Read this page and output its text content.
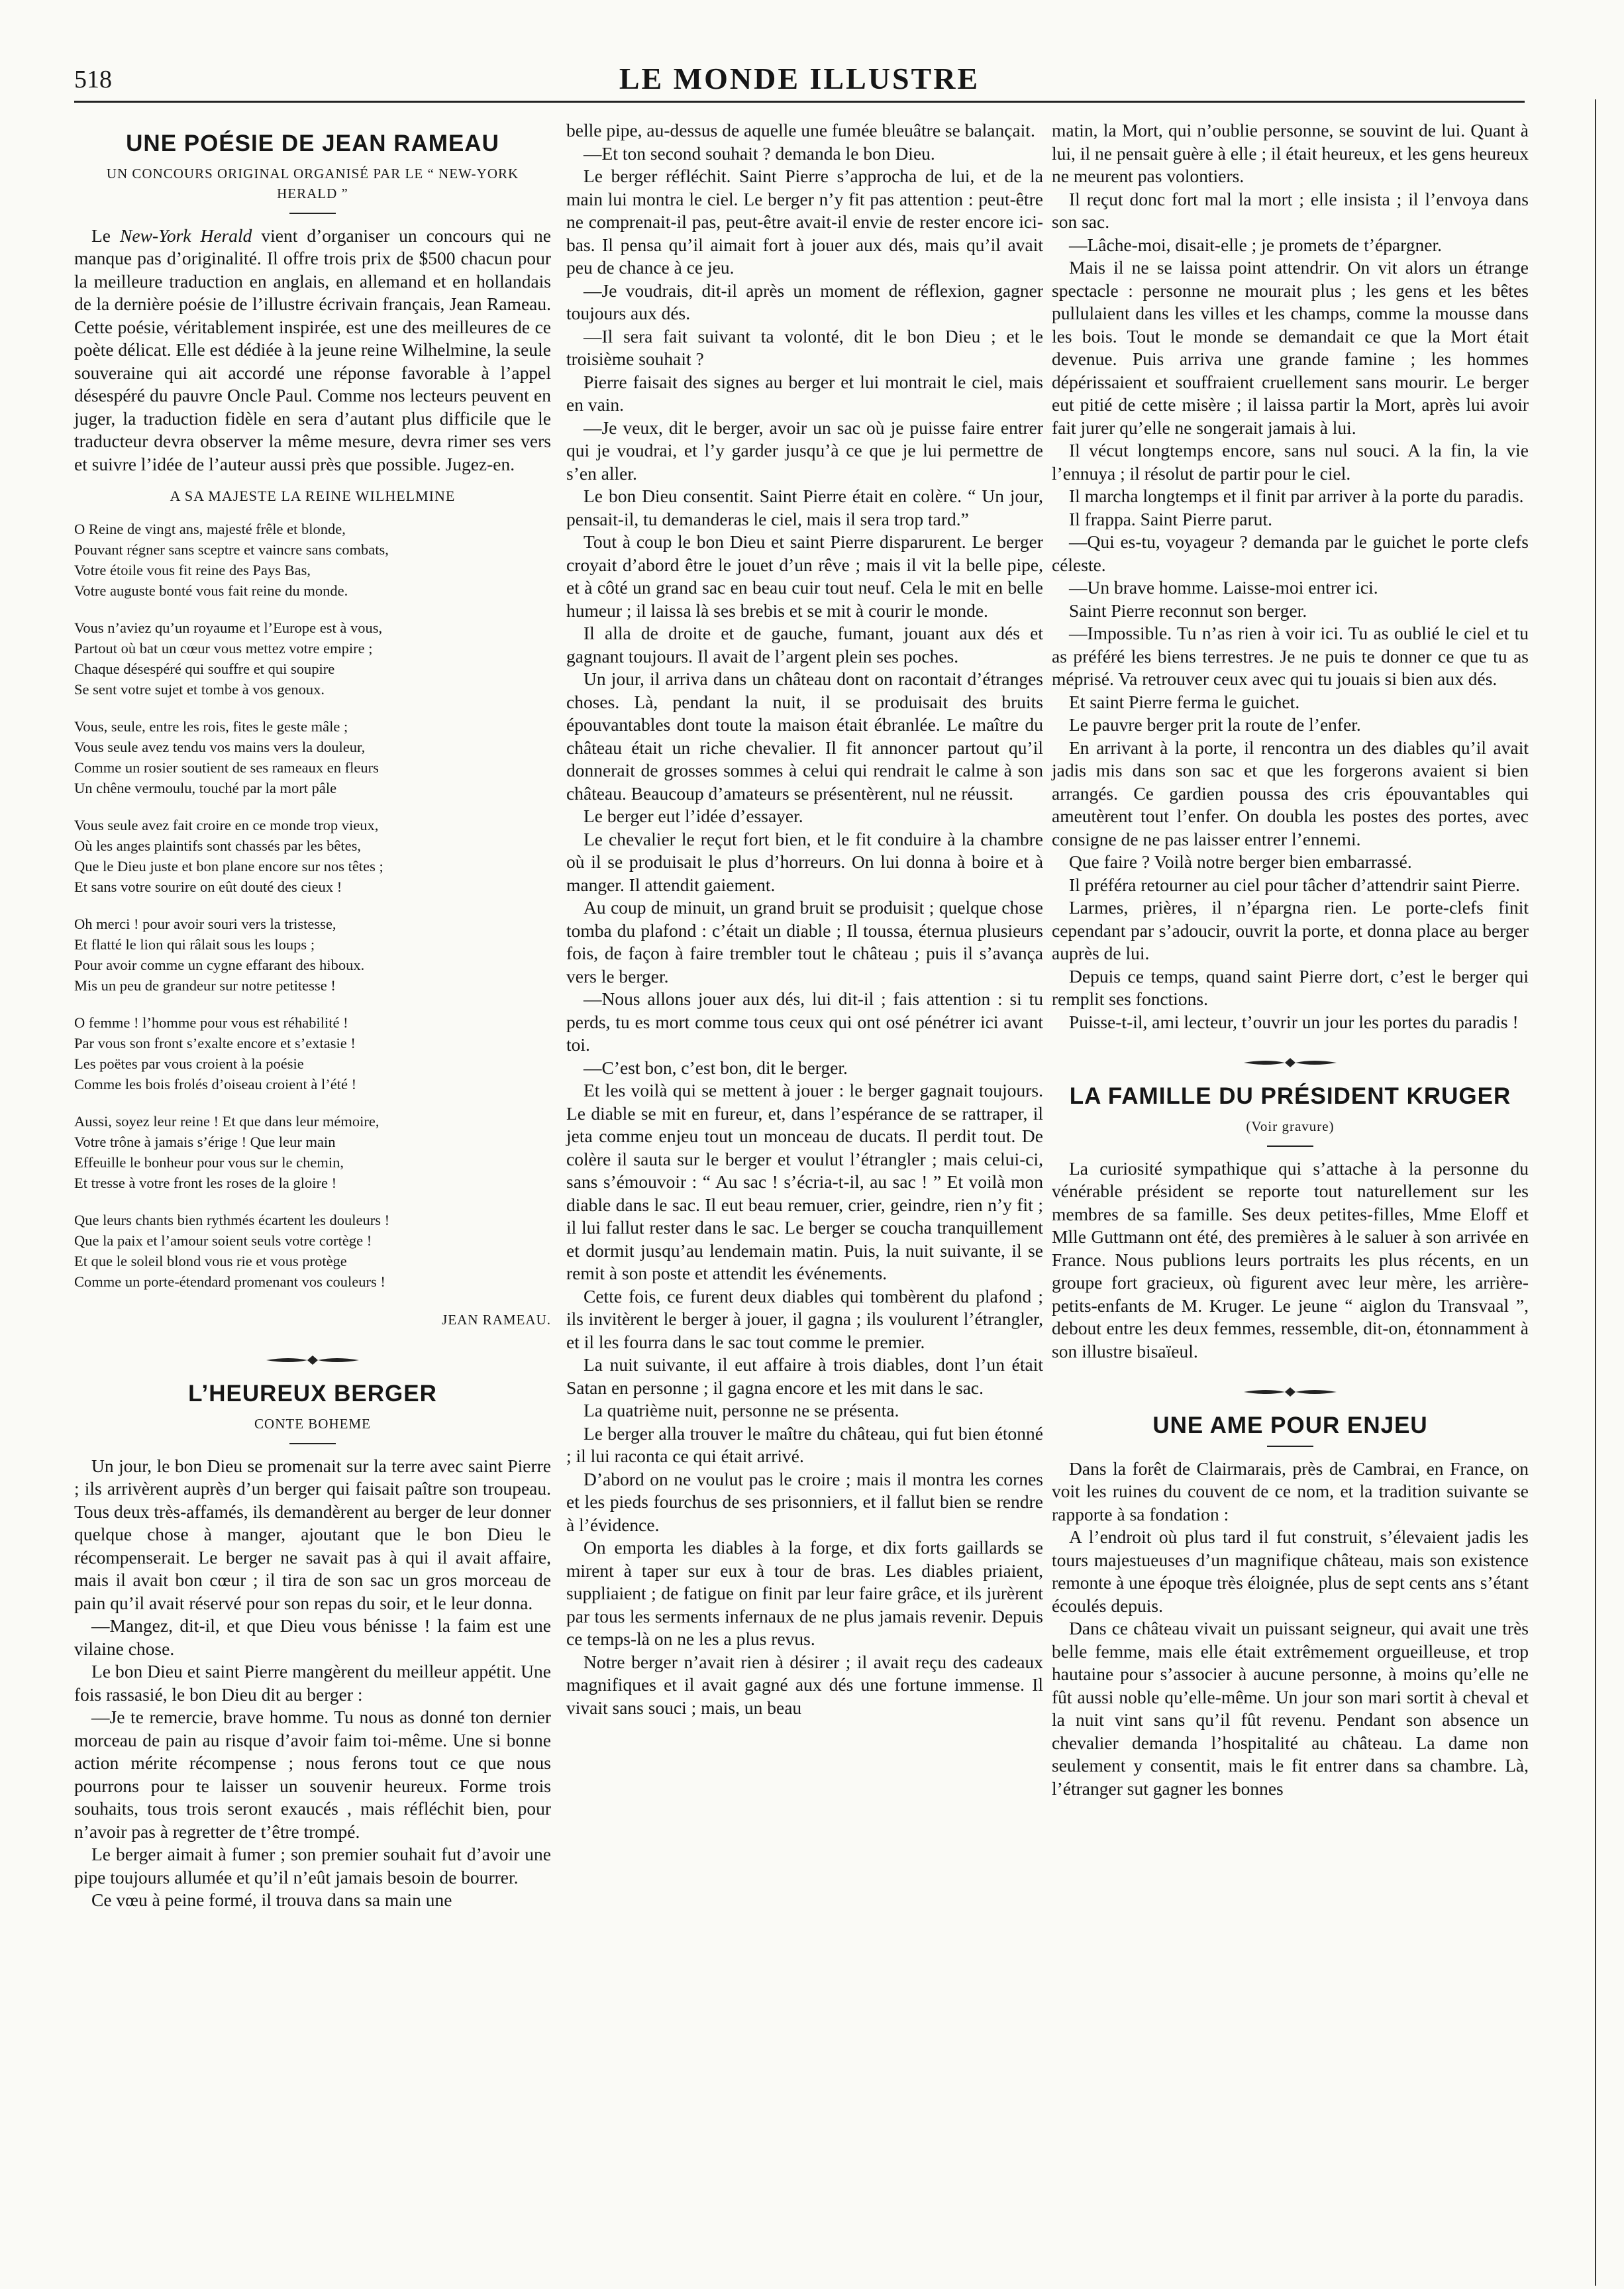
518	LE MONDE ILLUSTRE
UNE POÉSIE DE JEAN RAMEAU
UN CONCOURS ORIGINAL ORGANISÉ PAR LE “ NEW-YORK HERALD ”

Le New-York Herald vient d’organiser un concours qui ne manque pas d’originalité. Il offre trois prix de $500 chacun pour la meilleure traduction en anglais, en allemand et en hollandais de la dernière poésie de l’illustre écrivain français, Jean Rameau. Cette poésie, véritablement inspirée, est une des meilleures de ce poète délicat. Elle est dédiée à la jeune reine Wilhelmine, la seule souveraine qui ait accordé une réponse favorable à l’appel désespéré du pauvre Oncle Paul. Comme nos lecteurs peuvent en juger, la traduction fidèle en sera d’autant plus difficile que le traducteur devra observer la même mesure, devra rimer ses vers et suivre l’idée de l’auteur aussi près que possible. Jugez-en.

A SA MAJESTE LA REINE WILHELMINE
O Reine de vingt ans, majesté frêle et blonde,
Pouvant régner sans sceptre et vaincre sans combats,
Votre étoile vous fit reine des Pays Bas,
Votre auguste bonté vous fait reine du monde.
Vous n’aviez qu’un royaume et l’Europe est à vous,
Partout où bat un cœur vous mettez votre empire ;
Chaque désespéré qui souffre et qui soupire
Se sent votre sujet et tombe à vos genoux.
Vous, seule, entre les rois, fites le geste mâle ;
Vous seule avez tendu vos mains vers la douleur,
Comme un rosier soutient de ses rameaux en fleurs
Un chêne vermoulu, touché par la mort pâle
Vous seule avez fait croire en ce monde trop vieux,
Où les anges plaintifs sont chassés par les bêtes,
Que le Dieu juste et bon plane encore sur nos têtes ;
Et sans votre sourire on eût douté des cieux !
Oh merci ! pour avoir souri vers la tristesse,
Et flatté le lion qui râlait sous les loups ;
Pour avoir comme un cygne effarant des hiboux.
Mis un peu de grandeur sur notre petitesse !
O femme ! l’homme pour vous est réhabilité !
Par vous son front s’exalte encore et s’extasie !
Les poëtes par vous croient à la poésie
Comme les bois frolés d’oiseau croient à l’été !
Aussi, soyez leur reine ! Et que dans leur mémoire,
Votre trône à jamais s’érige ! Que leur main
Effeuille le bonheur pour vous sur le chemin,
Et tresse à votre front les roses de la gloire !
Que leurs chants bien rythmés écartent les douleurs !
Que la paix et l’amour soient seuls votre cortège !
Et que le soleil blond vous rie et vous protège
Comme un porte-étendard promenant vos couleurs !
JEAN RAMEAU.
L’HEUREUX BERGER
CONTE BOHEME

Un jour, le bon Dieu se promenait sur la terre avec saint Pierre ; ils arrivèrent auprès d’un berger qui faisait paître son troupeau. Tous deux très-affamés, ils demandèrent au berger de leur donner quelque chose à manger, ajoutant que le bon Dieu le récompenserait. Le berger ne savait pas à qui il avait affaire, mais il avait bon cœur ; il tira de son sac un gros morceau de pain qu’il avait réservé pour son repas du soir, et le leur donna.

—Mangez, dit-il, et que Dieu vous bénisse ! la faim est une vilaine chose.

Le bon Dieu et saint Pierre mangèrent du meilleur appétit. Une fois rassasié, le bon Dieu dit au berger :

—Je te remercie, brave homme. Tu nous as donné ton dernier morceau de pain au risque d’avoir faim toi-même. Une si bonne action mérite récompense ; nous ferons tout ce que nous pourrons pour te laisser un souvenir heureux. Forme trois souhaits, tous trois seront exaucés , mais réfléchit bien, pour n’avoir pas à regretter de t’être trompé.

Le berger aimait à fumer ; son premier souhait fut d’avoir une pipe toujours allumée et qu’il n’eût jamais besoin de bourrer.

Ce vœu à peine formé, il trouva dans sa main une

belle pipe, au-dessus de aquelle une fumée bleuâtre se balançait.

—Et ton second souhait ? demanda le bon Dieu.

Le berger réfléchit. Saint Pierre s’approcha de lui, et de la main lui montra le ciel. Le berger n’y fit pas attention : peut-être ne comprenait-il pas, peut-être avait-il envie de rester encore ici-bas. Il pensa qu’il aimait fort à jouer aux dés, mais qu’il avait peu de chance à ce jeu.

—Je voudrais, dit-il après un moment de réflexion, gagner toujours aux dés.

—Il sera fait suivant ta volonté, dit le bon Dieu ; et le troisième souhait ?

Pierre faisait des signes au berger et lui montrait le ciel, mais en vain.

—Je veux, dit le berger, avoir un sac où je puisse faire entrer qui je voudrai, et l’y garder jusqu’à ce que je lui permettre de s’en aller.

Le bon Dieu consentit. Saint Pierre était en colère. “ Un jour, pensait-il, tu demanderas le ciel, mais il sera trop tard.”

Tout à coup le bon Dieu et saint Pierre disparurent. Le berger croyait d’abord être le jouet d’un rêve ; mais il vit la belle pipe, et à côté un grand sac en beau cuir tout neuf. Cela le mit en belle humeur ; il laissa là ses brebis et se mit à courir le monde.

Il alla de droite et de gauche, fumant, jouant aux dés et gagnant toujours. Il avait de l’argent plein ses poches.

Un jour, il arriva dans un château dont on racontait d’étranges choses. Là, pendant la nuit, il se produisait des bruits épouvantables dont toute la maison était ébranlée. Le maître du château était un riche chevalier. Il fit annoncer partout qu’il donnerait de grosses sommes à celui qui rendrait le calme à son château. Beaucoup d’amateurs se présentèrent, nul ne réussit.

Le berger eut l’idée d’essayer.

Le chevalier le reçut fort bien, et le fit conduire à la chambre où il se produisait le plus d’horreurs. On lui donna à boire et à manger. Il attendit gaiement.

Au coup de minuit, un grand bruit se produisit ; quelque chose tomba du plafond : c’était un diable ; Il toussa, éternua plusieurs fois, de façon à faire trembler tout le château ; puis il s’avança vers le berger.

—Nous allons jouer aux dés, lui dit-il ; fais attention : si tu perds, tu es mort comme tous ceux qui ont osé pénétrer ici avant toi.

—C’est bon, c’est bon, dit le berger.

Et les voilà qui se mettent à jouer : le berger gagnait toujours. Le diable se mit en fureur, et, dans l’espérance de se rattraper, il jeta comme enjeu tout un monceau de ducats. Il perdit tout. De colère il sauta sur le berger et voulut l’étrangler ; mais celui-ci, sans s’émouvoir : “ Au sac ! s’écria-t-il, au sac ! ” Et voilà mon diable dans le sac. Il eut beau remuer, crier, geindre, rien n’y fit ; il lui fallut rester dans le sac. Le berger se coucha tranquillement et dormit jusqu’au lendemain matin. Puis, la nuit suivante, il se remit à son poste et attendit les événements.

Cette fois, ce furent deux diables qui tombèrent du plafond ; ils invitèrent le berger à jouer, il gagna ; ils voulurent l’étrangler, et il les fourra dans le sac tout comme le premier.

La nuit suivante, il eut affaire à trois diables, dont l’un était Satan en personne ; il gagna encore et les mit dans le sac.

La quatrième nuit, personne ne se présenta.

Le berger alla trouver le maître du château, qui fut bien étonné ; il lui raconta ce qui était arrivé.

D’abord on ne voulut pas le croire ; mais il montra les cornes et les pieds fourchus de ses prisonniers, et il fallut bien se rendre à l’évidence.

On emporta les diables à la forge, et dix forts gaillards se mirent à taper sur eux à tour de bras. Les diables priaient, suppliaient ; de fatigue on finit par leur faire grâce, et ils jurèrent par tous les serments infernaux de ne plus jamais revenir. Depuis ce temps-là on ne les a plus revus.

Notre berger n’avait rien à désirer ; il avait reçu des cadeaux magnifiques et il avait gagné aux dés une fortune immense. Il vivait sans souci ; mais, un beau

matin, la Mort, qui n’oublie personne, se souvint de lui. Quant à lui, il ne pensait guère à elle ; il était heureux, et les gens heureux ne meurent pas volontiers.

Il reçut donc fort mal la mort ; elle insista ; il l’envoya dans son sac.

—Lâche-moi, disait-elle ; je promets de t’épargner.

Mais il ne se laissa point attendrir. On vit alors un étrange spectacle : personne ne mourait plus ; les gens et les bêtes pullulaient dans les villes et les champs, comme la mousse dans les bois. Tout le monde se demandait ce que la Mort était devenue. Puis arriva une grande famine ; les hommes dépérissaient et souffraient cruellement sans mourir. Le berger eut pitié de cette misère ; il laissa partir la Mort, après lui avoir fait jurer qu’elle ne songerait jamais à lui.

Il vécut longtemps encore, sans nul souci. A la fin, la vie l’ennuya ; il résolut de partir pour le ciel.

Il marcha longtemps et il finit par arriver à la porte du paradis.

Il frappa. Saint Pierre parut.

—Qui es-tu, voyageur ? demanda par le guichet le porte clefs céleste.

—Un brave homme. Laisse-moi entrer ici.

Saint Pierre reconnut son berger.

—Impossible. Tu n’as rien à voir ici. Tu as oublié le ciel et tu as préféré les biens terrestres. Je ne puis te donner ce que tu as méprisé. Va retrouver ceux avec qui tu jouais si bien aux dés.

Et saint Pierre ferma le guichet.

Le pauvre berger prit la route de l’enfer.

En arrivant à la porte, il rencontra un des diables qu’il avait jadis mis dans son sac et que les forgerons avaient si bien arrangés. Ce gardien poussa des cris épouvantables qui ameutèrent tout l’enfer. On doubla les postes des portes, avec consigne de ne pas laisser entrer l’ennemi.

Que faire ? Voilà notre berger bien embarrassé.

Il préféra retourner au ciel pour tâcher d’attendrir saint Pierre.

Larmes, prières, il n’épargna rien. Le porte-clefs finit cependant par s’adoucir, ouvrit la porte, et donna place au berger auprès de lui.

Depuis ce temps, quand saint Pierre dort, c’est le berger qui remplit ses fonctions.

Puisse-t-il, ami lecteur, t’ouvrir un jour les portes du paradis !

LA FAMILLE DU PRÉSIDENT KRUGER
(Voir gravure)

La curiosité sympathique qui s’attache à la personne du vénérable président se reporte tout naturellement sur les membres de sa famille. Ses deux petites-filles, Mme Eloff et Mlle Guttmann ont été, des premières à le saluer à son arrivée en France. Nous publions leurs portraits les plus récents, en un groupe fort gracieux, où figurent avec leur mère, les arrière-petits-enfants de M. Kruger. Le jeune “ aiglon du Transvaal ”, debout entre les deux femmes, ressemble, dit-on, étonnamment à son illustre bisaïeul.

UNE AME POUR ENJEU

Dans la forêt de Clairmarais, près de Cambrai, en France, on voit les ruines du couvent de ce nom, et la tradition suivante se rapporte à sa fondation :

A l’endroit où plus tard il fut construit, s’élevaient jadis les tours majestueuses d’un magnifique château, mais son existence remonte à une époque très éloignée, plus de sept cents ans s’étant écoulés depuis.

Dans ce château vivait un puissant seigneur, qui avait une très belle femme, mais elle était extrêmement orgueilleuse, et trop hautaine pour s’associer à aucune personne, à moins qu’elle ne fût aussi noble qu’elle-même. Un jour son mari sortit à cheval et la nuit vint sans qu’il fût revenu. Pendant son absence un chevalier demanda l’hospitalité au château. La dame non seulement y consentit, mais le fit entrer dans sa chambre. Là, l’étranger sut gagner les bonnes
